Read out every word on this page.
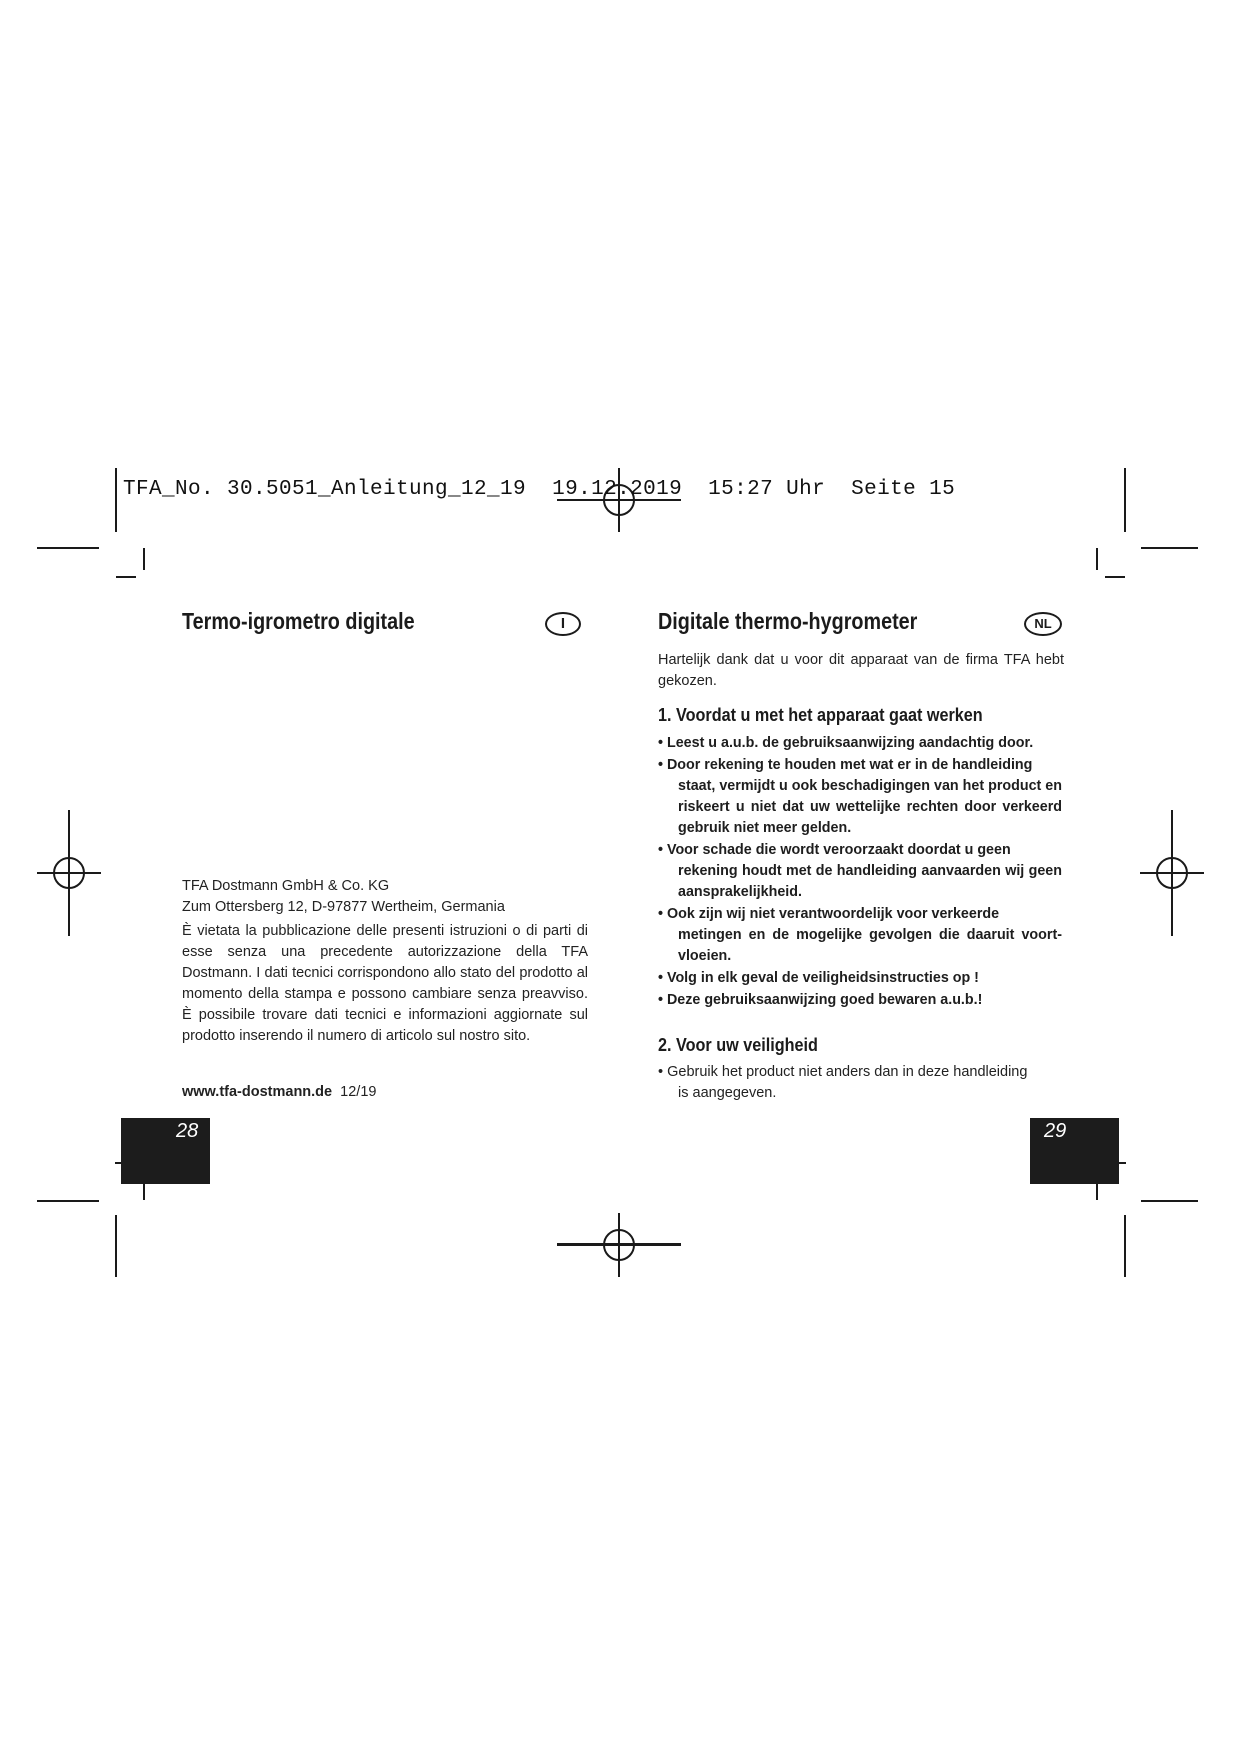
TFA_No. 30.5051_Anleitung_12_19  19.12.2019  15:27 Uhr  Seite 15
Termo-igrometro digitale	I
TFA Dostmann GmbH & Co. KG
Zum Ottersberg 12, D-97877 Wertheim, Germania
È vietata la pubblicazione delle presenti istruzioni o di parti di esse senza una precedente autorizzazione della TFA Dostmann. I dati tecnici corrispondono allo stato del prodotto al momento della stampa e possono cambiare senza preavviso. È possibile trovare dati tecnici e informazioni aggiornate sul prodotto inserendo il numero di articolo sul nostro sito.
www.tfa-dostmann.de 12/19
28
Digitale thermo-hygrometer	NL
Hartelijk dank dat u voor dit apparaat van de firma TFA hebt gekozen.
1. Voordat u met het apparaat gaat werken
• Leest u a.u.b. de gebruiksaanwijzing aandachtig door.
• Door rekening te houden met wat er in de handleiding
staat, vermijdt u ook beschadigingen van het product en riskeert u niet dat uw wettelijke rechten door verkeerd gebruik niet meer gelden.
• Voor schade die wordt veroorzaakt doordat u geen
rekening houdt met de handleiding aanvaarden wij geen aansprakelijkheid.
• Ook zijn wij niet verantwoordelijk voor verkeerde
metingen en de mogelijke gevolgen die daaruit voortvloeien.
• Volg in elk geval de veiligheidsinstructies op !
• Deze gebruiksaanwijzing goed bewaren a.u.b.!
2. Voor uw veiligheid
• Gebruik het product niet anders dan in deze handleiding
is aangegeven.
29
